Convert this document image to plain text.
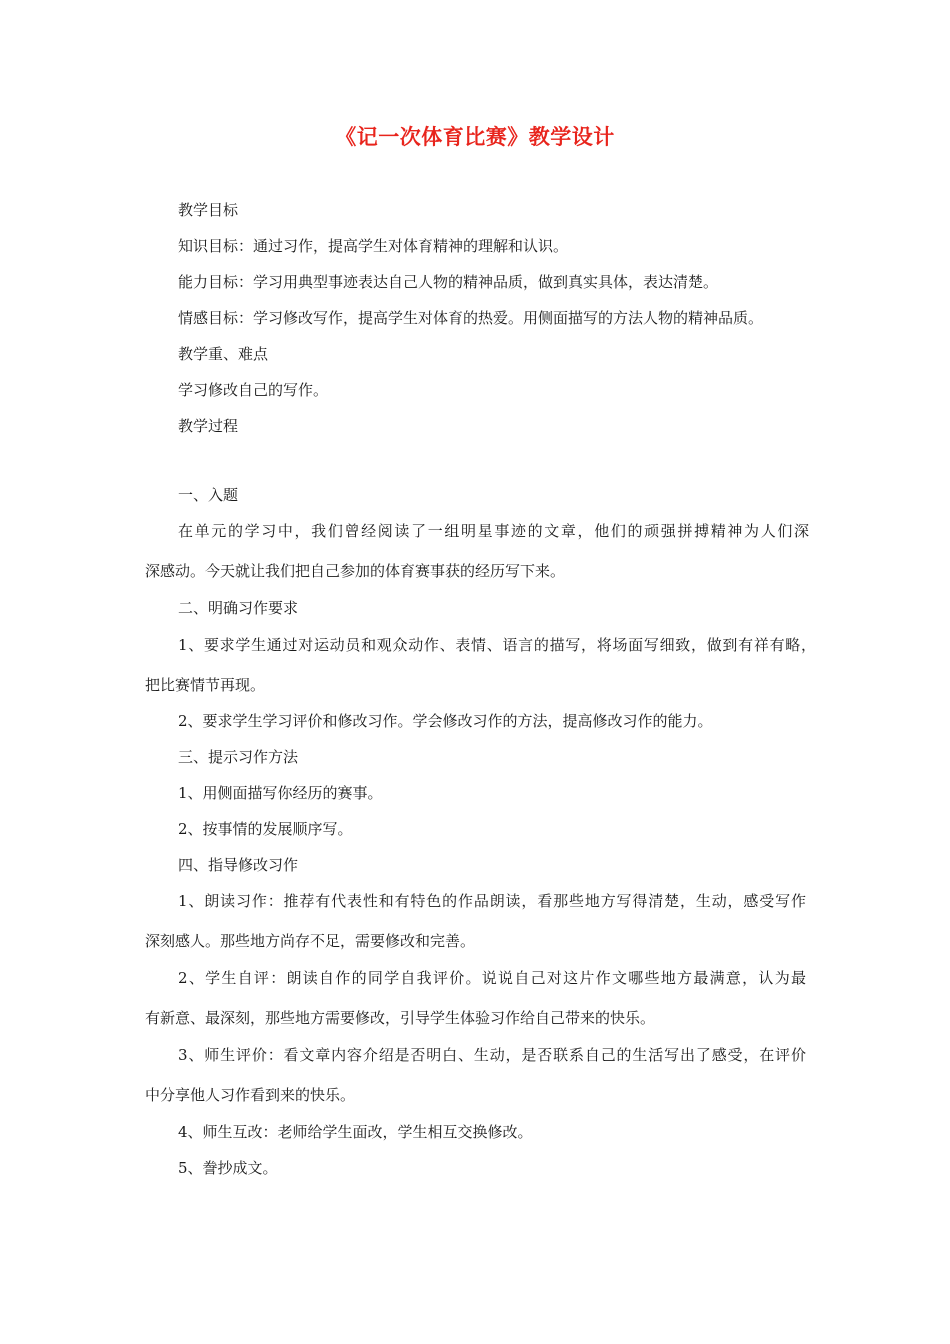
《记一次体育比赛》教学设计
教学目标
知识目标：通过习作，提高学生对体育精神的理解和认识。
能力目标：学习用典型事迹表达自己人物的精神品质，做到真实具体，表达清楚。
情感目标：学习修改写作，提高学生对体育的热爱。用侧面描写的方法人物的精神品质。
教学重、难点
学习修改自己的写作。
教学过程
一、入题
在单元的学习中，我们曾经阅读了一组明星事迹的文章，他们的顽强拼搏精神为人们深
深感动。今天就让我们把自己参加的体育赛事获的经历写下来。
二、明确习作要求
1、要求学生通过对运动员和观众动作、表情、语言的描写，将场面写细致，做到有祥有略，
把比赛情节再现。
2、要求学生学习评价和修改习作。学会修改习作的方法，提高修改习作的能力。
三、提示习作方法
1、用侧面描写你经历的赛事。
2、按事情的发展顺序写。
四、指导修改习作
1、朗读习作：推荐有代表性和有特色的作品朗读，看那些地方写得清楚，生动，感受写作
深刻感人。那些地方尚存不足，需要修改和完善。
2、学生自评：朗读自作的同学自我评价。说说自己对这片作文哪些地方最满意，认为最
有新意、最深刻，那些地方需要修改，引导学生体验习作给自己带来的快乐。
3、师生评价：看文章内容介绍是否明白、生动，是否联系自己的生活写出了感受，在评价
中分享他人习作看到来的快乐。
4、师生互改：老师给学生面改，学生相互交换修改。
5、誊抄成文。
